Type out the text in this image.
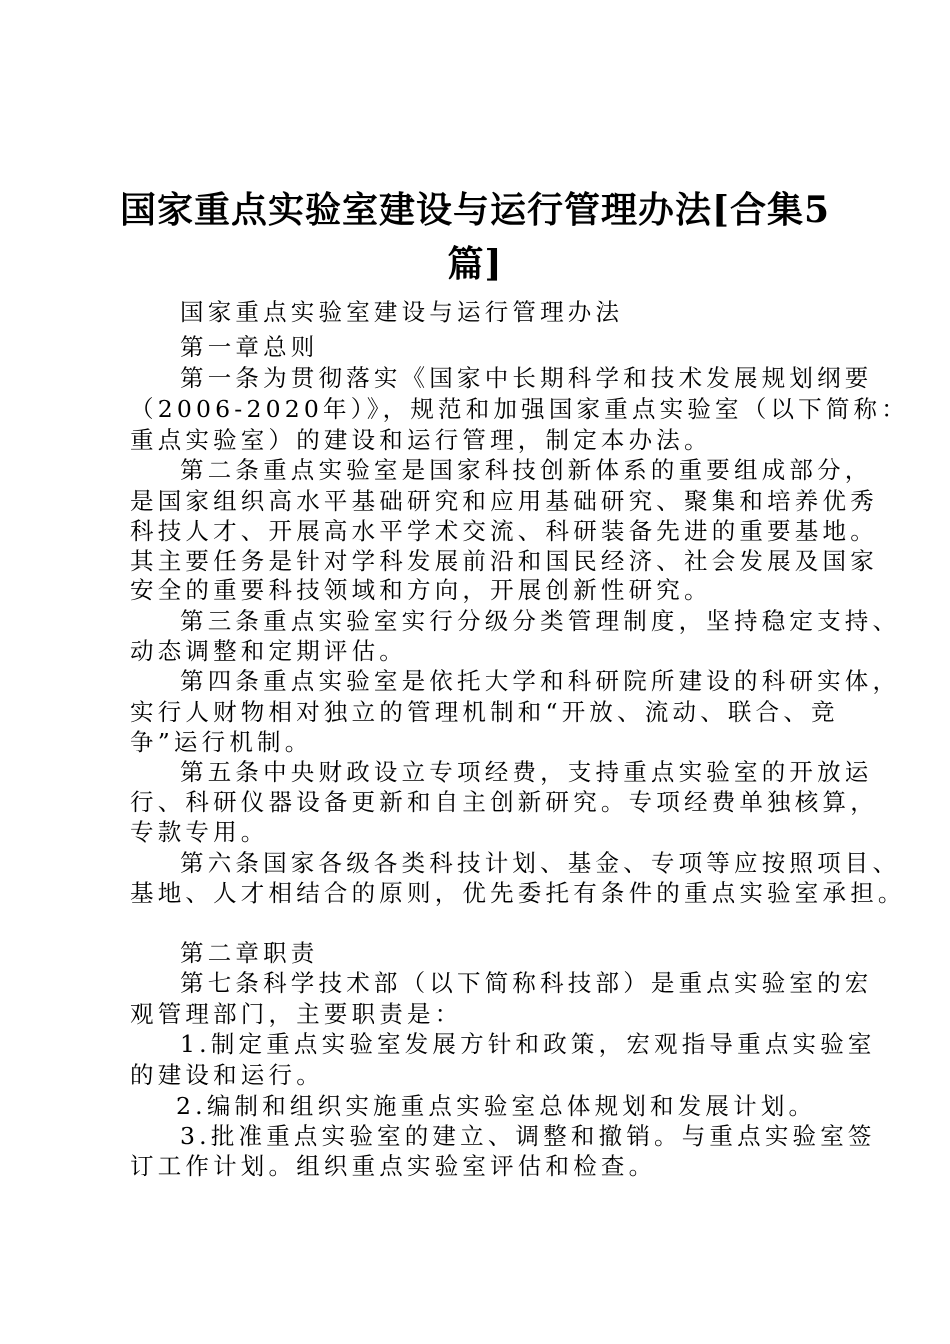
国家重点实验室建设与运行管理办法[合集5
篇]
国家重点实验室建设与运行管理办法
第一章总则
第一条为贯彻落实《国家中长期科学和技术发展规划纲要
（2006-2020年）》，规范和加强国家重点实验室（以下简称：
重点实验室）的建设和运行管理，制定本办法。
第二条重点实验室是国家科技创新体系的重要组成部分，
是国家组织高水平基础研究和应用基础研究、聚集和培养优秀
科技人才、开展高水平学术交流、科研装备先进的重要基地。
其主要任务是针对学科发展前沿和国民经济、社会发展及国家
安全的重要科技领域和方向，开展创新性研究。
第三条重点实验室实行分级分类管理制度，坚持稳定支持、
动态调整和定期评估。
第四条重点实验室是依托大学和科研院所建设的科研实体，
实行人财物相对独立的管理机制和“开放、流动、联合、竞
争”运行机制。
第五条中央财政设立专项经费，支持重点实验室的开放运
行、科研仪器设备更新和自主创新研究。专项经费单独核算，
专款专用。
第六条国家各级各类科技计划、基金、专项等应按照项目、
基地、人才相结合的原则，优先委托有条件的重点实验室承担。
第二章职责
第七条科学技术部（以下简称科技部）是重点实验室的宏
观管理部门，主要职责是：
1.制定重点实验室发展方针和政策，宏观指导重点实验室
的建设和运行。
2.编制和组织实施重点实验室总体规划和发展计划。
3.批准重点实验室的建立、调整和撤销。与重点实验室签
订工作计划。组织重点实验室评估和检查。
